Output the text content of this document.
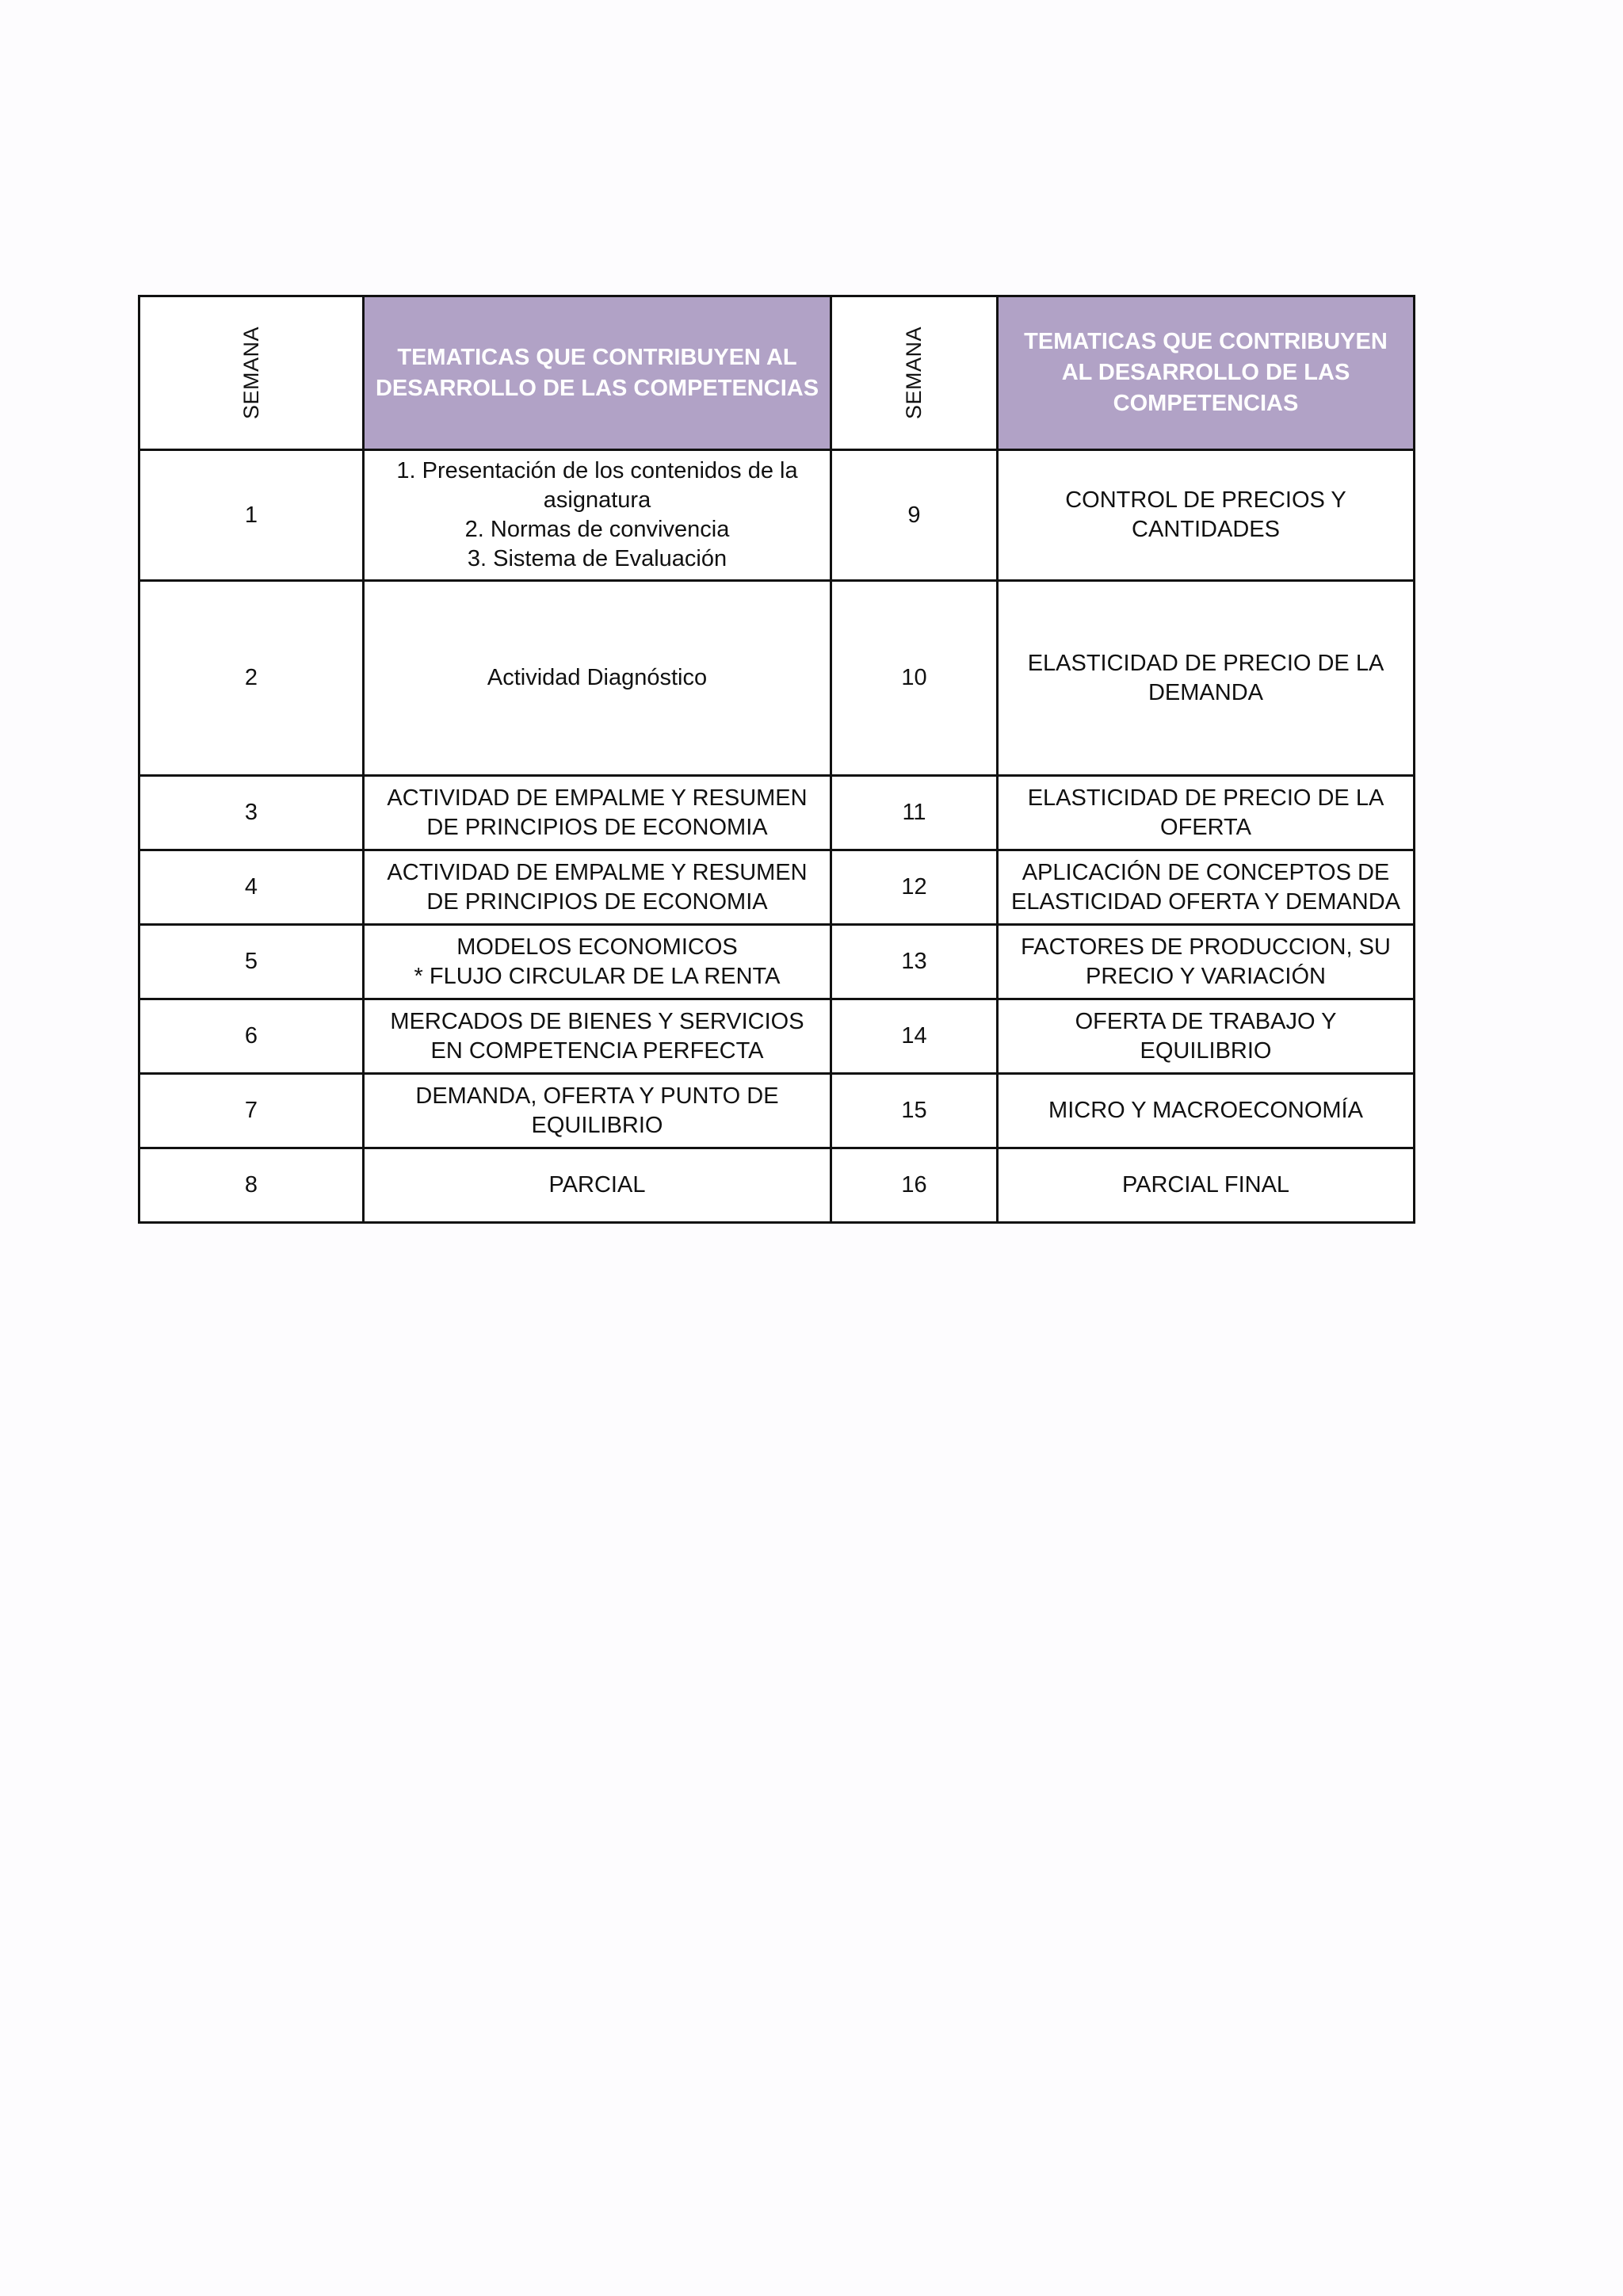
SEMANA	TEMATICAS QUE CONTRIBUYEN AL
DESARROLLO DE LAS COMPETENCIAS	SEMANA	TEMATICAS QUE CONTRIBUYEN
AL DESARROLLO DE LAS
COMPETENCIAS
1	1. Presentación de los contenidos de la
asignatura
2. Normas de convivencia
3. Sistema de Evaluación	9	CONTROL DE PRECIOS Y
CANTIDADES
2	Actividad Diagnóstico	10	ELASTICIDAD DE PRECIO DE LA
DEMANDA
3	ACTIVIDAD DE EMPALME Y RESUMEN
DE PRINCIPIOS DE ECONOMIA	11	ELASTICIDAD DE PRECIO DE LA
OFERTA
4	ACTIVIDAD DE EMPALME Y RESUMEN
DE PRINCIPIOS DE ECONOMIA	12	APLICACIÓN DE CONCEPTOS DE
ELASTICIDAD OFERTA Y DEMANDA
5	MODELOS ECONOMICOS
* FLUJO CIRCULAR DE LA RENTA	13	FACTORES DE PRODUCCION, SU
PRECIO Y VARIACIÓN
6	MERCADOS DE BIENES Y SERVICIOS
EN COMPETENCIA PERFECTA	14	OFERTA DE TRABAJO Y
EQUILIBRIO
7	DEMANDA, OFERTA Y PUNTO DE
EQUILIBRIO	15	MICRO Y MACROECONOMÍA
8	PARCIAL	16	PARCIAL FINAL
